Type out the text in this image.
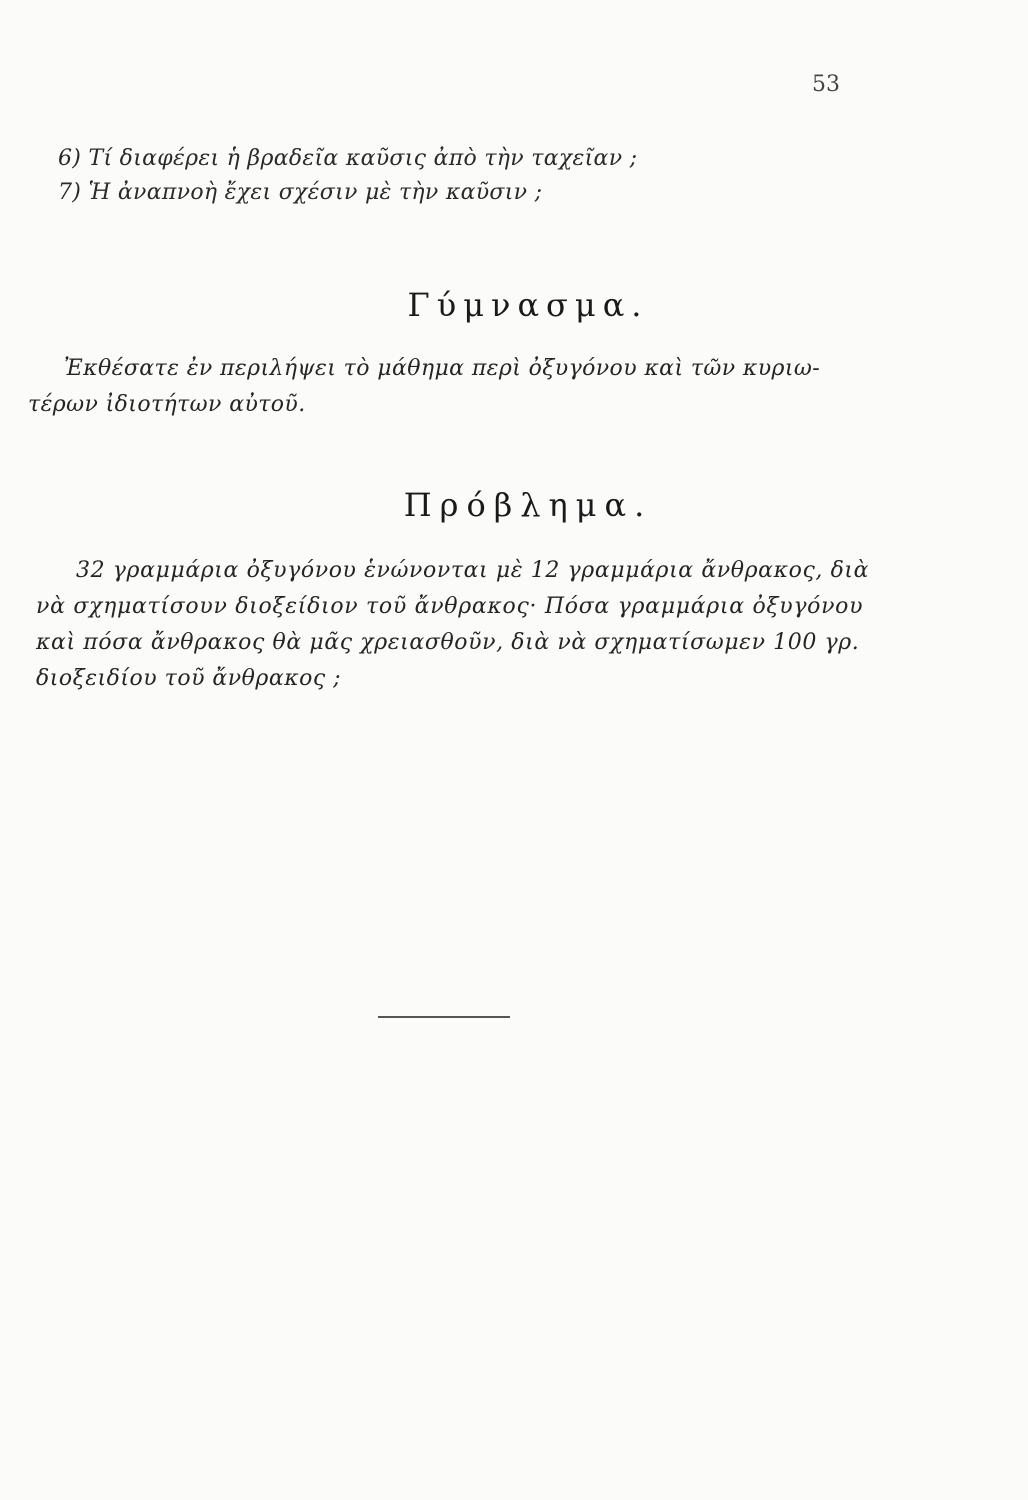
53
6) Τί διαφέρει ἡ βραδεῖα καῦσις ἀπὸ τὴν ταχεῖαν ;
7) Ἡ ἀναπνοὴ ἔχει σχέσιν μὲ τὴν καῦσιν ;
Γύμνασμα.
Ἐκθέσατε ἐν περιλήψει τὸ μάθημα περὶ ὀξυγόνου καὶ τῶν κυριω-
τέρων ἰδιοτήτων αὐτοῦ.
Πρόβλημα.
32 γραμμάρια ὀξυγόνου ἑνώνονται μὲ 12 γραμμάρια ἄνθρακος, διὰ
νὰ σχηματίσουν διοξείδιον τοῦ ἄνθρακος· Πόσα γραμμάρια ὀξυγόνου
καὶ πόσα ἄνθρακος θὰ μᾶς χρειασθοῦν, διὰ νὰ σχηματίσωμεν 100 γρ.
διοξειδίου τοῦ ἄνθρακος ;
